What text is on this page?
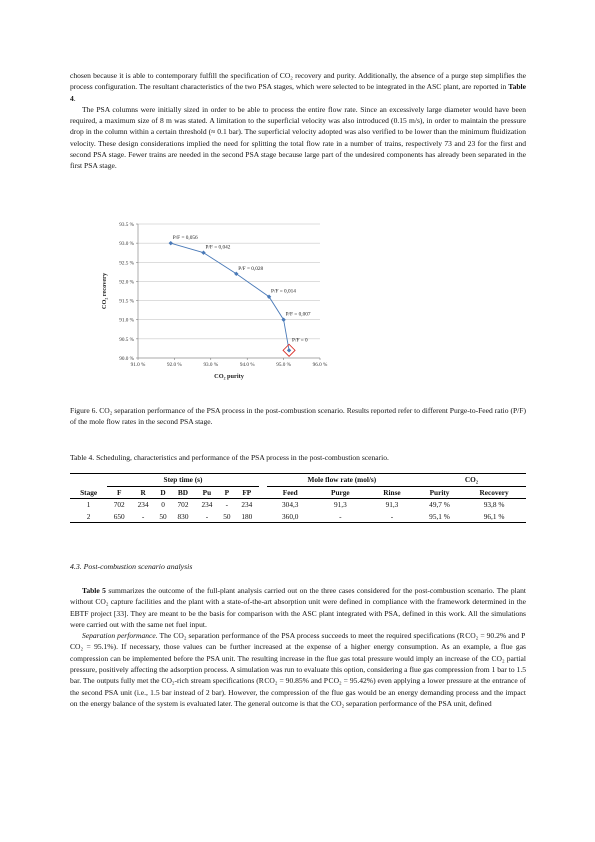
chosen because it is able to contemporary fulfill the specification of CO₂ recovery and purity. Additionally, the absence of a purge step simplifies the process configuration. The resultant characteristics of the two PSA stages, which were selected to be integrated in the ASC plant, are reported in Table 4.

The PSA columns were initially sized in order to be able to process the entire flow rate. Since an excessively large diameter would have been required, a maximum size of 8 m was stated. A limitation to the superficial velocity was also introduced (0.15 m/s), in order to maintain the pressure drop in the column within a certain threshold (≈ 0.1 bar). The superficial velocity adopted was also verified to be lower than the minimum fluidization velocity. These design considerations implied the need for splitting the total flow rate in a number of trains, respectively 73 and 23 for the first and second PSA stage. Fewer trains are needed in the second PSA stage because large part of the undesired components has already been separated in the first PSA stage.

90.0 %
90.5 %
91.0 %
91.5 %
92.0 %
92.5 %
93.0 %
93.5 %
91.0 %	92.0 %	93.0 %	94.0 %	95.0 %	96.0 %
CO₂ purity
CO₂ recovery
P/F = 0,056
P/F = 0,042
P/F = 0,028
P/F = 0,014
P/F = 0,007
P/F = 0

Figure 6. CO₂ separation performance of the PSA process in the post-combustion scenario. Results reported refer to different Purge-to-Feed ratio (P/F) of the mole flow rates in the second PSA stage.

Table 4. Scheduling, characteristics and performance of the PSA process in the post-combustion scenario.

	Step time (s)								Mole flow rate (mol/s)			CO₂	
Stage	F	R	D	BD	Pu	P	FP		Feed	Purge	Rinse	Purity	Recovery
1	702	234	0	702	234	-	234		304,3	91,3	91,3	49,7 %	93,8 %
2	650	-	50	830	-	50	180		360,0	-	-	95,1 %	96,1 %
4.3. Post-combustion scenario analysis

Table 5 summarizes the outcome of the full-plant analysis carried out on the three cases considered for the post-combustion scenario. The plant without CO₂ capture facilities and the plant with a state-of-the-art absorption unit were defined in compliance with the framework determined in the EBTF project [33]. They are meant to be the basis for comparison with the ASC plant integrated with PSA, defined in this work. All the simulations were carried out with the same net fuel input.

Separation performance. The CO₂ separation performance of the PSA process succeeds to meet the required specifications (R CO₂ = 90.2% and P CO₂ = 95.1%). If necessary, those values can be further increased at the expense of a higher energy consumption. As an example, a flue gas compression can be implemented before the PSA unit. The resulting increase in the flue gas total pressure would imply an increase of the CO₂ partial pressure, positively affecting the adsorption process. A simulation was run to evaluate this option, considering a flue gas compression from 1 bar to 1.5 bar. The outputs fully met the CO₂-rich stream specifications (R CO₂ = 90.85% and P CO₂ = 95.42%) even applying a lower pressure at the entrance of the second PSA unit (i.e., 1.5 bar instead of 2 bar). However, the compression of the flue gas would be an energy demanding process and the impact on the energy balance of the system is evaluated later. The general outcome is that the CO₂ separation performance of the PSA unit, defined
